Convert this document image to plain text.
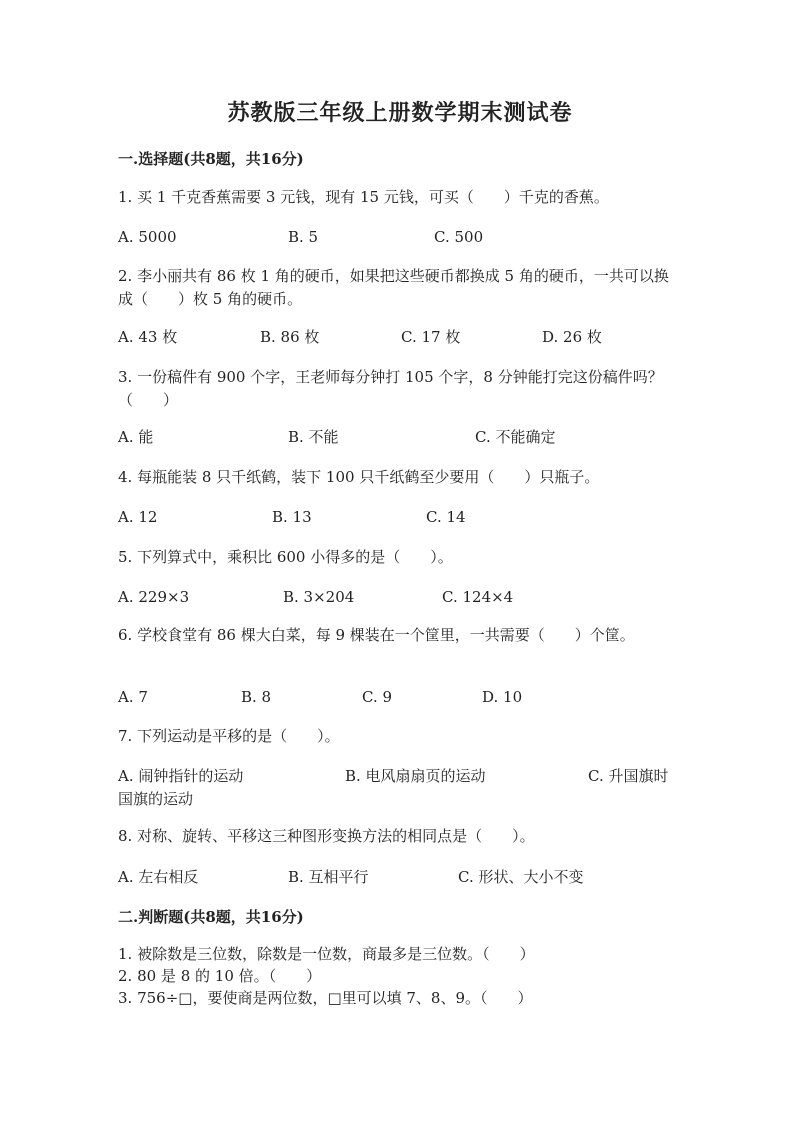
苏教版三年级上册数学期末测试卷
一.选择题(共8题，共16分)
1. 买 1 千克香蕉需要 3 元钱，现有 15 元钱，可买（　　）千克的香蕉。
A. 5000	B. 5	C. 500
2. 李小丽共有 86 枚 1 角的硬币，如果把这些硬币都换成 5 角的硬币，一共可以换成（　　）枚 5 角的硬币。
A. 43 枚	B. 86 枚	C. 17 枚	D. 26 枚
3. 一份稿件有 900 个字，王老师每分钟打 105 个字，8 分钟能打完这份稿件吗？（　　）
A. 能	B. 不能	C. 不能确定
4. 每瓶能装 8 只千纸鹤，装下 100 只千纸鹤至少要用（　　）只瓶子。
A. 12	B. 13	C. 14
5. 下列算式中，乘积比 600 小得多的是（　　）。
A. 229×3	B. 3×204	C. 124×4
6. 学校食堂有 86 棵大白菜，每 9 棵装在一个筐里，一共需要（　　）个筐。
A. 7	B. 8	C. 9	D. 10
7. 下列运动是平移的是（　　）。
A. 闹钟指针的运动	B. 电风扇扇页的运动	C. 升国旗时国旗的运动
8. 对称、旋转、平移这三种图形变换方法的相同点是（　　）。
A. 左右相反	B. 互相平行	C. 形状、大小不变
二.判断题(共8题，共16分)
1. 被除数是三位数，除数是一位数，商最多是三位数。（　　）
2. 80 是 8 的 10 倍。（　　）
3. 756÷□，要使商是两位数，□里可以填 7、8、9。（　　）
